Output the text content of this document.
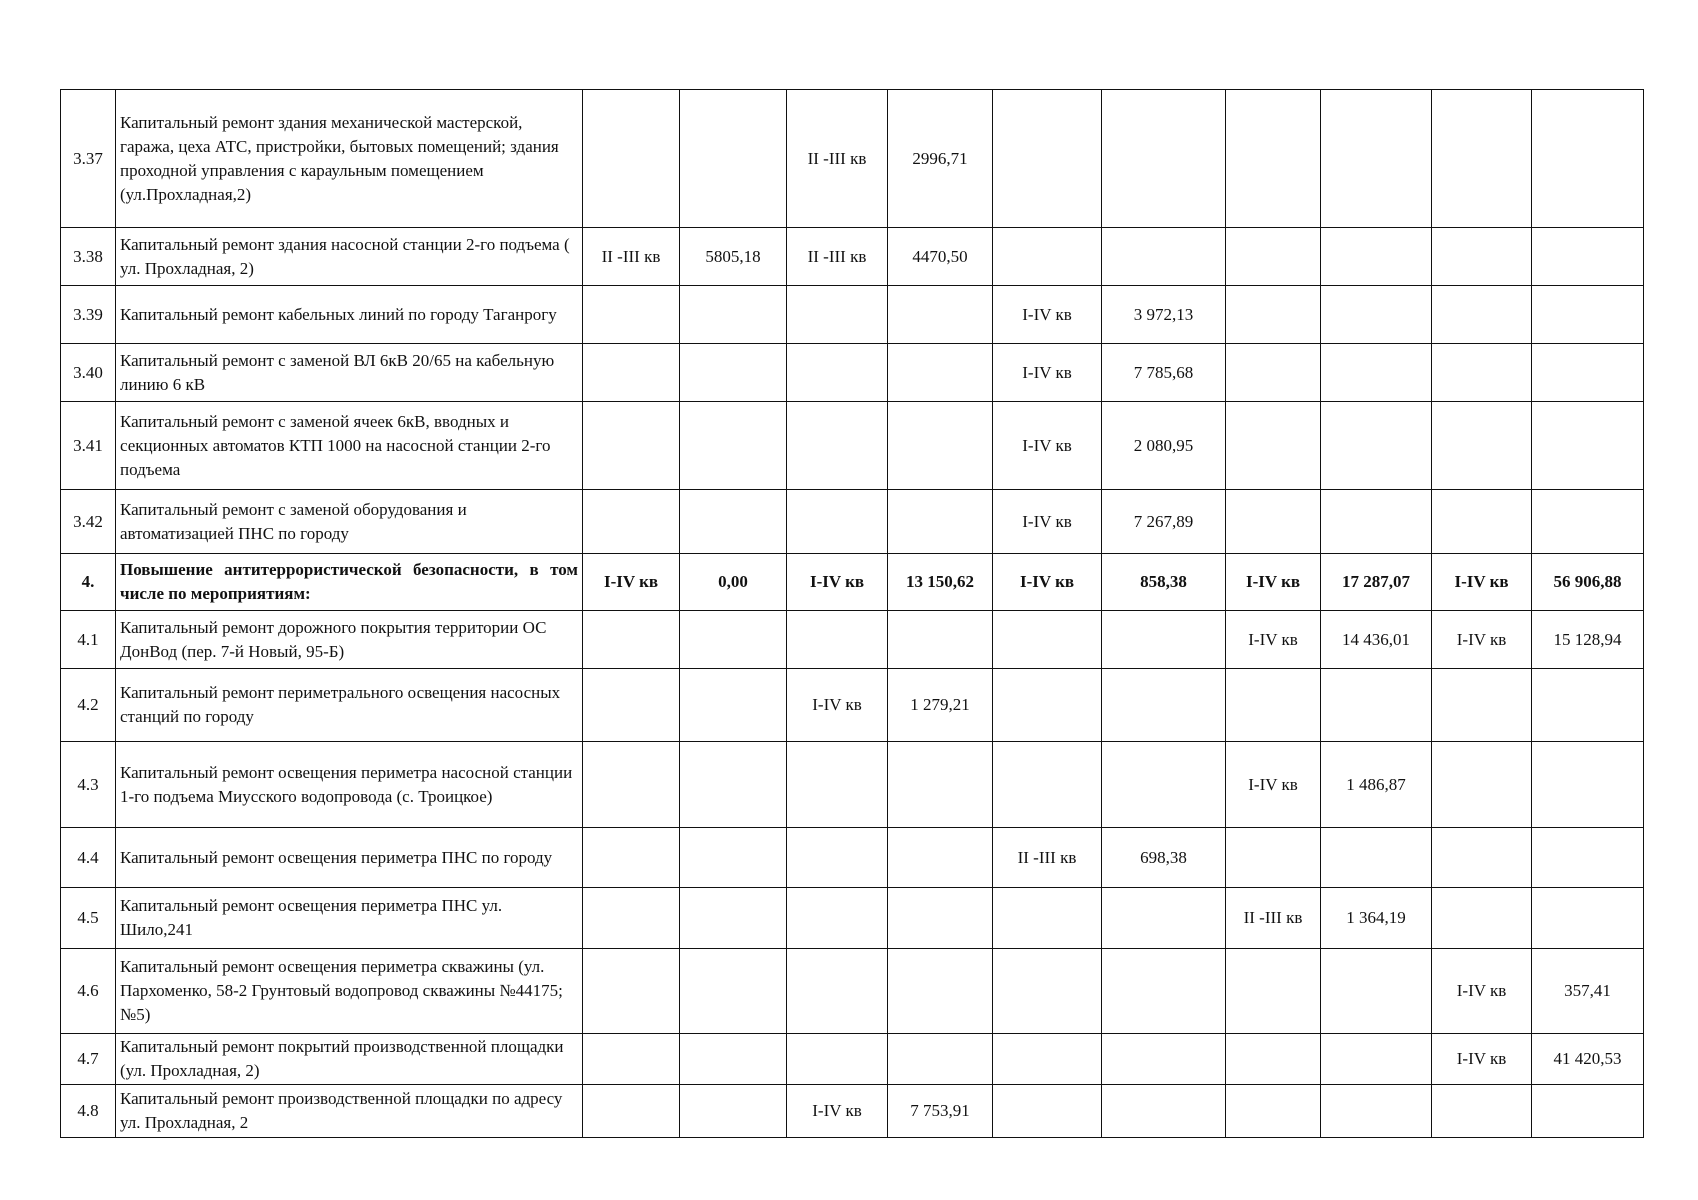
3.37	Капитальный ремонт здания механической мастерской, гаража, цеха АТС, пристройки, бытовых помещений; здания проходной управления с караульным помещением (ул.Прохладная,2)			II -III кв	2996,71						
3.38	Капитальный ремонт здания насосной станции 2-го подъема ( ул. Прохладная, 2)	II -III кв	5805,18	II -III кв	4470,50						
3.39	Капитальный ремонт кабельных линий по городу Таганрогу					I-IV кв	3 972,13				
3.40	Капитальный ремонт с заменой ВЛ 6кВ 20/65 на кабельную линию 6 кВ					I-IV кв	7 785,68				
3.41	Капитальный ремонт с заменой ячеек 6кВ, вводных и секционных автоматов КТП 1000 на насосной станции 2-го подъема					I-IV кв	2 080,95				
3.42	Капитальный ремонт с заменой оборудования и автоматизацией ПНС по городу					I-IV кв	7 267,89				
4.	Повышение антитеррористической безопасности, в том числе по мероприятиям:	I-IV кв	0,00	I-IV кв	13 150,62	I-IV кв	858,38	I-IV кв	17 287,07	I-IV кв	56 906,88
4.1	Капитальный ремонт дорожного покрытия территории ОС ДонВод (пер. 7-й Новый, 95-Б)							I-IV кв	14 436,01	I-IV кв	15 128,94
4.2	Капитальный ремонт периметрального освещения насосных станций по городу			I-IV кв	1 279,21						
4.3	Капитальный ремонт освещения периметра насосной станции 1-го подъема Миусского водопровода (с. Троицкое)							I-IV кв	1 486,87		
4.4	Капитальный ремонт освещения периметра ПНС по городу					II -III кв	698,38				
4.5	Капитальный ремонт освещения периметра ПНС ул. Шило,241							II -III кв	1 364,19		
4.6	Капитальный ремонт освещения периметра скважины (ул. Пархоменко, 58-2 Грунтовый водопровод скважины №44175; №5)									I-IV кв	357,41
4.7	Капитальный ремонт покрытий производственной площадки (ул. Прохладная, 2)									I-IV кв	41 420,53
4.8	Капитальный ремонт производственной площадки по адресу ул. Прохладная, 2			I-IV кв	7 753,91						
